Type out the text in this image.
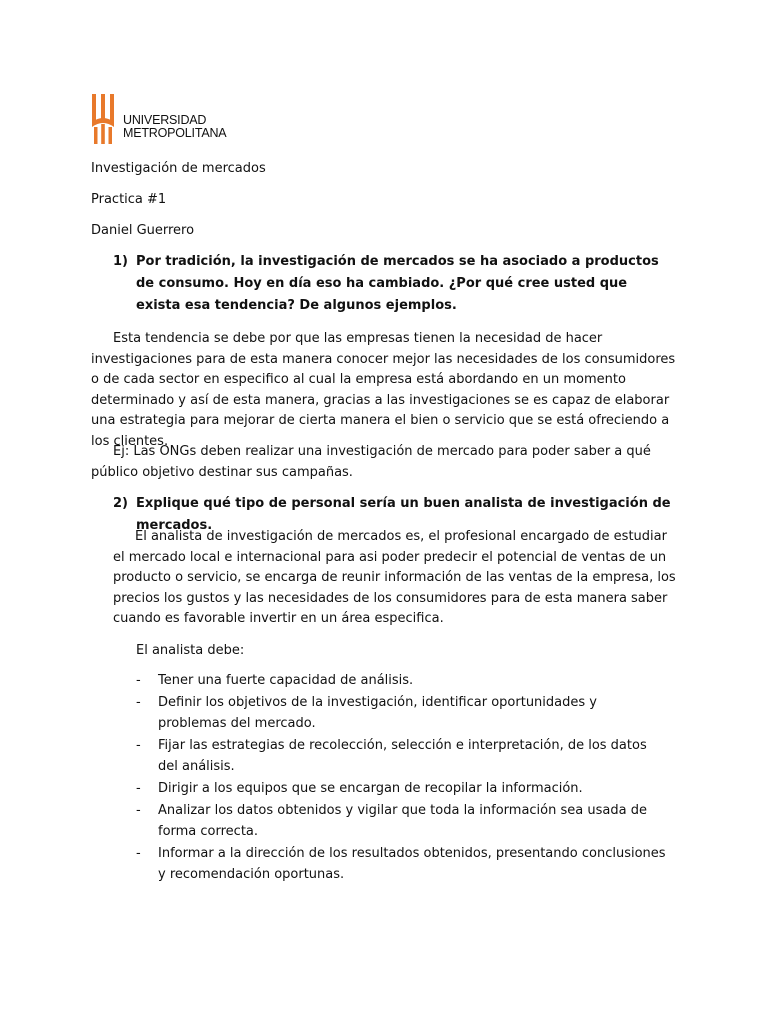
UNIVERSIDAD
METROPOLITANA
Investigación de mercados
Practica #1
Daniel Guerrero
1) Por tradición, la investigación de mercados se ha asociado a productos de consumo. Hoy en día eso ha cambiado. ¿Por qué cree usted que exista esa tendencia? De algunos ejemplos.
Esta tendencia se debe por que las empresas tienen la necesidad de hacer investigaciones para de esta manera conocer mejor las necesidades de los consumidores o de cada sector en especifico al cual la empresa está abordando en un momento determinado y así de esta manera, gracias a las investigaciones se es capaz de elaborar una estrategia para mejorar de cierta manera el bien o servicio que se está ofreciendo a los clientes.
Ej: Las ONGs deben realizar una investigación de mercado para poder saber a qué público objetivo destinar sus campañas.
2) Explique qué tipo de personal sería un buen analista de investigación de mercados.
El analista de investigación de mercados es, el profesional encargado de estudiar el mercado local e internacional para asi poder predecir el potencial de ventas de un producto o servicio, se encarga de reunir información de las ventas de la empresa, los precios los gustos y las necesidades de los consumidores para de esta manera saber cuando es favorable invertir en un área especifica.
El analista debe:
- Tener una fuerte capacidad de análisis.
- Definir los objetivos de la investigación, identificar oportunidades y problemas del mercado.
- Fijar las estrategias de recolección, selección e interpretación, de los datos del análisis.
- Dirigir a los equipos que se encargan de recopilar la información.
- Analizar los datos obtenidos y vigilar que toda la información sea usada de forma correcta.
- Informar a la dirección de los resultados obtenidos, presentando conclusiones y recomendación oportunas.
